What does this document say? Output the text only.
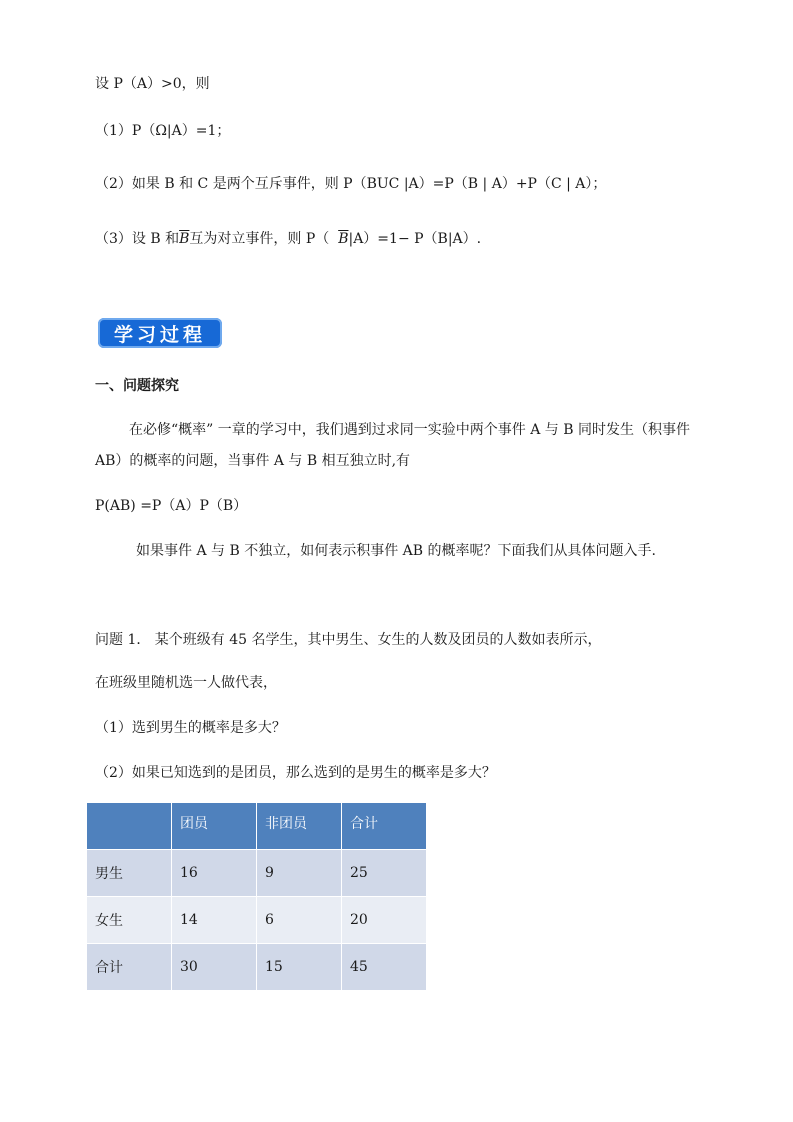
设 P（A）>0，则
（1）P（Ω|A）=1；
（2）如果 B 和 C 是两个互斥事件，则 P（BUC |A）=P（B | A）+P（C | A）；
（3）设 B 和$\overline{B}$互为对立事件，则 P（ $\overline{B}|A)=1- P(B|A)$.
学习过程
一、问题探究
在必修“概率” 一章的学习中，我们遇到过求同一实验中两个事件 A 与 B 同时发生（积事件
AB）的概率的问题，当事件 A 与 B 相互独立时,有
P(AB) =P（A）P（B）
如果事件 A 与 B 不独立，如何表示积事件 AB 的概率呢？下面我们从具体问题入手.
问题 1． 某个班级有 45 名学生，其中男生、女生的人数及团员的人数如表所示，
在班级里随机选一人做代表，
（1）选到男生的概率是多大？
（2）如果已知选到的是团员，那么选到的是男生的概率是多大？
	团员	非团员	合计
男生	16	9	25
女生	14	6	20
合计	30	15	45
